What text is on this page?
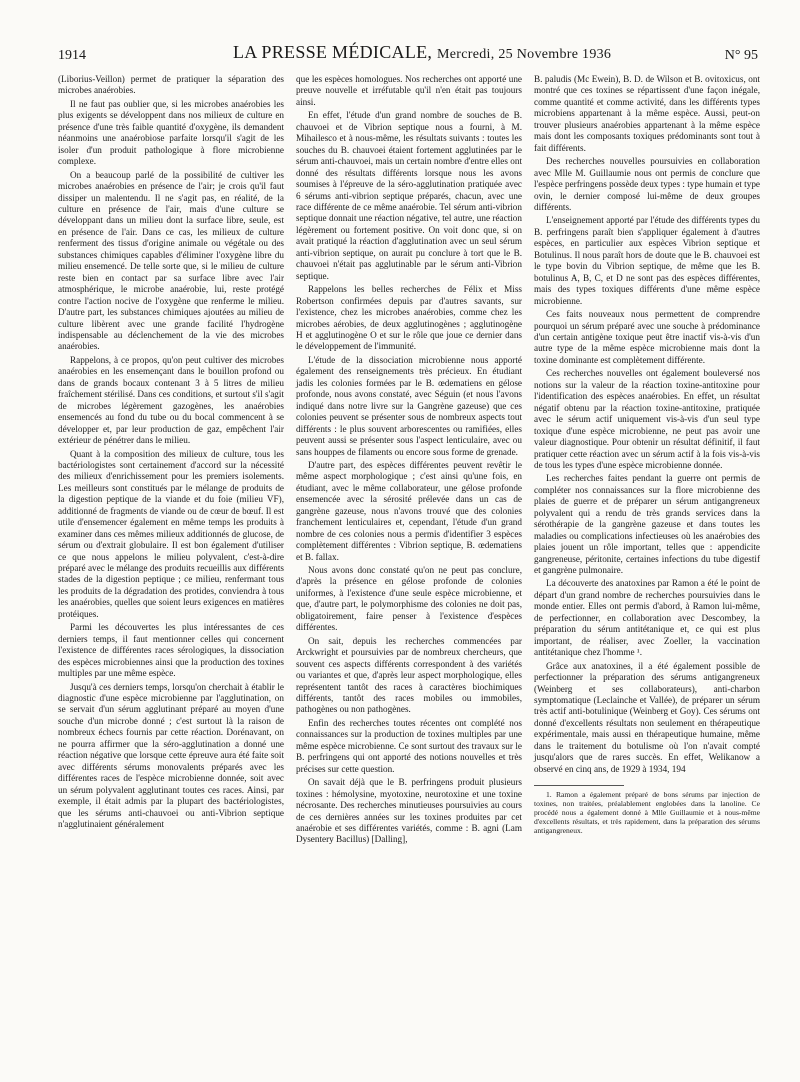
1914	LA PRESSE MÉDICALE, Mercredi, 25 Novembre 1936	N° 95

(Liborius-Veillon) permet de pratiquer la séparation des microbes anaérobies.

Il ne faut pas oublier que, si les microbes anaérobies les plus exigents se développent dans nos milieux de culture en présence d'une très faible quantité d'oxygène, ils demandent néanmoins une anaérobiose parfaite lorsqu'il s'agit de les isoler d'un produit pathologique à flore microbienne complexe.

On a beaucoup parlé de la possibilité de cultiver les microbes anaérobies en présence de l'air; je crois qu'il faut dissiper un malentendu. Il ne s'agit pas, en réalité, de la culture en présence de l'air, mais d'une culture se développant dans un milieu dont la surface libre, seule, est en présence de l'air. Dans ce cas, les milieux de culture renferment des tissus d'origine animale ou végétale ou des substances chimiques capables d'éliminer l'oxygène libre du milieu ensemencé. De telle sorte que, si le milieu de culture reste bien en contact par sa surface libre avec l'air atmosphérique, le microbe anaérobie, lui, reste protégé contre l'action nocive de l'oxygène que renferme le milieu. D'autre part, les substances chimiques ajoutées au milieu de culture libèrent avec une grande facilité l'hydrogène indispensable au déclenchement de la vie des microbes anaérobies.

Rappelons, à ce propos, qu'on peut cultiver des microbes anaérobies en les ensemençant dans le bouillon profond ou dans de grands bocaux contenant 3 à 5 litres de milieu fraîchement stérilisé. Dans ces conditions, et surtout s'il s'agit de microbes légèrement gazogènes, les anaérobies ensemencés au fond du tube ou du bocal commencent à se développer et, par leur production de gaz, empêchent l'air extérieur de pénétrer dans le milieu.

Quant à la composition des milieux de culture, tous les bactériologistes sont certainement d'accord sur la nécessité des milieux d'enrichissement pour les premiers isolements. Les meilleurs sont constitués par le mélange de produits de la digestion peptique de la viande et du foie (milieu VF), additionné de fragments de viande ou de cœur de bœuf. Il est utile d'ensemencer également en même temps les produits à examiner dans ces mêmes milieux additionnés de glucose, de sérum ou d'extrait globulaire. Il est bon également d'utiliser ce que nous appelons le milieu polyvalent, c'est-à-dire préparé avec le mélange des produits recueillis aux différents stades de la digestion peptique ; ce milieu, renfermant tous les produits de la dégradation des protides, conviendra à tous les anaérobies, quelles que soient leurs exigences en matières protéiques.

Parmi les découvertes les plus intéressantes de ces derniers temps, il faut mentionner celles qui concernent l'existence de différentes races sérologiques, la dissociation des espèces microbiennes ainsi que la production des toxines multiples par une même espèce.

Jusqu'à ces derniers temps, lorsqu'on cherchait à établir le diagnostic d'une espèce microbienne par l'agglutination, on se servait d'un sérum agglutinant préparé au moyen d'une souche d'un microbe donné ; c'est surtout là la raison de nombreux échecs fournis par cette réaction. Dorénavant, on ne pourra affirmer que la séro-agglutination a donné une réaction négative que lorsque cette épreuve aura été faite soit avec différents sérums monovalents préparés avec les différentes races de l'espèce microbienne donnée, soit avec un sérum polyvalent agglutinant toutes ces races. Ainsi, par exemple, il était admis par la plupart des bactériologistes, que les sérums anti-chauvoei ou anti-Vibrion septique n'agglutinaient généralement

que les espèces homologues. Nos recherches ont apporté une preuve nouvelle et irréfutable qu'il n'en était pas toujours ainsi.

En effet, l'étude d'un grand nombre de souches de B. chauvoei et de Vibrion septique nous a fourni, à M. Mihailesco et à nous-même, les résultats suivants : toutes les souches du B. chauvoei étaient fortement agglutinées par le sérum anti-chauvoei, mais un certain nombre d'entre elles ont donné des résultats différents lorsque nous les avons soumises à l'épreuve de la séro-agglutination pratiquée avec 6 sérums anti-vibrion septique préparés, chacun, avec une race différente de ce même anaérobie. Tel sérum anti-vibrion septique donnait une réaction négative, tel autre, une réaction légèrement ou fortement positive. On voit donc que, si on avait pratiqué la réaction d'agglutination avec un seul sérum anti-vibrion septique, on aurait pu conclure à tort que le B. chauvoei n'était pas agglutinable par le sérum anti-Vibrion septique.

Rappelons les belles recherches de Félix et Miss Robertson confirmées depuis par d'autres savants, sur l'existence, chez les microbes anaérobies, comme chez les microbes aérobies, de deux agglutinogènes ; agglutinogène H et agglutinogène O et sur le rôle que joue ce dernier dans le développement de l'immunité.

L'étude de la dissociation microbienne nous apporté également des renseignements très précieux. En étudiant jadis les colonies formées par le B. œdematiens en gélose profonde, nous avons constaté, avec Séguin (et nous l'avons indiqué dans notre livre sur la Gangrène gazeuse) que ces colonies peuvent se présenter sous de nombreux aspects tout différents : le plus souvent arborescentes ou ramifiées, elles peuvent aussi se présenter sous l'aspect lenticulaire, avec ou sans houppes de filaments ou encore sous forme de grenade.

D'autre part, des espèces différentes peuvent revêtir le même aspect morphologique ; c'est ainsi qu'une fois, en étudiant, avec le même collaborateur, une gélose profonde ensemencée avec la sérosité prélevée dans un cas de gangrène gazeuse, nous n'avons trouvé que des colonies franchement lenticulaires et, cependant, l'étude d'un grand nombre de ces colonies nous a permis d'identifier 3 espèces complètement différentes : Vibrion septique, B. œdematiens et B. fallax.

Nous avons donc constaté qu'on ne peut pas conclure, d'après la présence en gélose profonde de colonies uniformes, à l'existence d'une seule espèce microbienne, et que, d'autre part, le polymorphisme des colonies ne doit pas, obligatoirement, faire penser à l'existence d'espèces différentes.

On sait, depuis les recherches commencées par Arckwright et poursuivies par de nombreux chercheurs, que souvent ces aspects différents correspondent à des variétés ou variantes et que, d'après leur aspect morphologique, elles représentent tantôt des races à caractères biochimiques différents, tantôt des races mobiles ou immobiles, pathogènes ou non pathogènes.

Enfin des recherches toutes récentes ont complété nos connaissances sur la production de toxines multiples par une même espèce microbienne. Ce sont surtout des travaux sur le B. perfringens qui ont apporté des notions nouvelles et très précises sur cette question.

On savait déjà que le B. perfringens produit plusieurs toxines : hémolysine, myotoxine, neurotoxine et une toxine nécrosante. Des recherches minutieuses poursuivies au cours de ces dernières années sur les toxines produites par cet anaérobie et ses différentes variétés, comme : B. agni (Lam Dysentery Bacillus) [Dalling],

B. paludis (Mc Ewein), B. D. de Wilson et B. ovitoxicus, ont montré que ces toxines se répartissent d'une façon inégale, comme quantité et comme activité, dans les différents types microbiens appartenant à la même espèce. Aussi, peut-on trouver plusieurs anaérobies appartenant à la même espèce mais dont les composants toxiques prédominants sont tout à fait différents.

Des recherches nouvelles poursuivies en collaboration avec Mlle M. Guillaumie nous ont permis de conclure que l'espèce perfringens possède deux types : type humain et type ovin, le dernier composé lui-même de deux groupes différents.

L'enseignement apporté par l'étude des différents types du B. perfringens paraît bien s'appliquer également à d'autres espèces, en particulier aux espèces Vibrion septique et Botulinus. Il nous paraît hors de doute que le B. chauvoei est le type bovin du Vibrion septique, de même que les B. botulinus A, B, C, et D ne sont pas des espèces différentes, mais des types toxiques différents d'une même espèce microbienne.

Ces faits nouveaux nous permettent de comprendre pourquoi un sérum préparé avec une souche à prédominance d'un certain antigène toxique peut être inactif vis-à-vis d'un autre type de la même espèce microbienne mais dont la toxine dominante est complètement différente.

Ces recherches nouvelles ont également bouleversé nos notions sur la valeur de la réaction toxine-antitoxine pour l'identification des espèces anaérobies. En effet, un résultat négatif obtenu par la réaction toxine-antitoxine, pratiquée avec le sérum actif uniquement vis-à-vis d'un seul type toxique d'une espèce microbienne, ne peut pas avoir une valeur diagnostique. Pour obtenir un résultat définitif, il faut pratiquer cette réaction avec un sérum actif à la fois vis-à-vis de tous les types d'une espèce microbienne donnée.

Les recherches faites pendant la guerre ont permis de compléter nos connaissances sur la flore microbienne des plaies de guerre et de préparer un sérum antigangreneux polyvalent qui a rendu de très grands services dans la sérothérapie de la gangrène gazeuse et dans toutes les maladies ou complications infectieuses où les anaérobies des plaies jouent un rôle important, telles que : appendicite gangreneuse, péritonite, certaines infections du tube digestif et gangrène pulmonaire.

La découverte des anatoxines par Ramon a été le point de départ d'un grand nombre de recherches poursuivies dans le monde entier. Elles ont permis d'abord, à Ramon lui-même, de perfectionner, en collaboration avec Descombey, la préparation du sérum antitétanique et, ce qui est plus important, de réaliser, avec Zoeller, la vaccination antitétanique chez l'homme ¹.

Grâce aux anatoxines, il a été également possible de perfectionner la préparation des sérums antigangreneux (Weinberg et ses collaborateurs), anti-charbon symptomatique (Leclainche et Vallée), de préparer un sérum très actif anti-botulinique (Weinberg et Goy). Ces sérums ont donné d'excellents résultats non seulement en thérapeutique expérimentale, mais aussi en thérapeutique humaine, même dans le traitement du botulisme où l'on n'avait compté jusqu'alors que de rares succès. En effet, Welikanow a observé en cinq ans, de 1929 à 1934, 194

1. Ramon a également préparé de bons sérums par injection de toxines, non traitées, préalablement englobées dans la lanoline. Ce procédé nous a également donné à Mlle Guillaumie et à nous-même d'excellents résultats, et très rapidement, dans la préparation des sérums antigangreneux.
